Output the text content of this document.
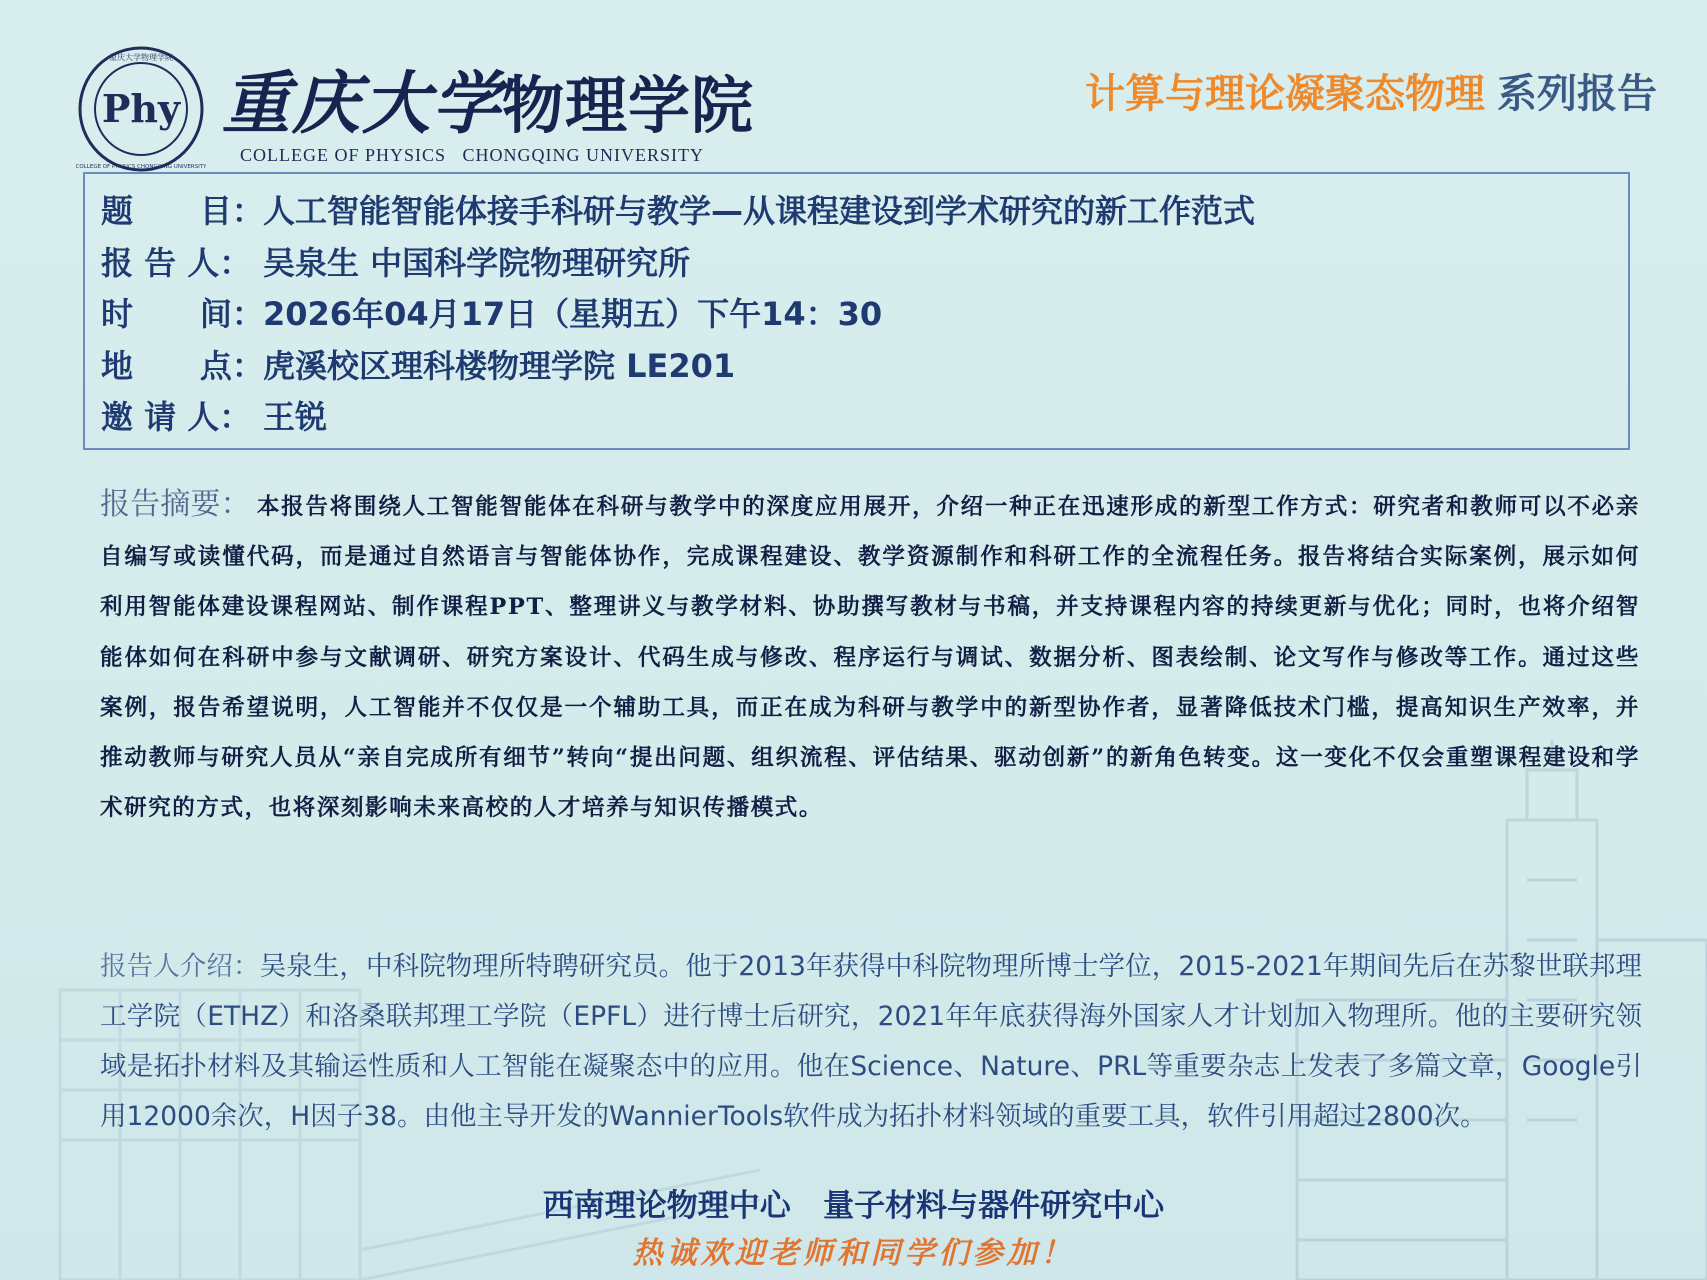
Phy
重庆大学物理学院
COLLEGE OF PHYSICS CHONGQING UNIVERSITY
重庆大学 物理学院
COLLEGE OF PHYSICS   CHONGQING UNIVERSITY
计算与理论凝聚态物理 系列报告
题      目： 人工智能智能体接手科研与教学—从课程建设到学术研究的新工作范式
报 告 人： 吴泉生 中国科学院物理研究所
时      间： 2026年04月17日（星期五）下午14：30
地      点： 虎溪校区理科楼物理学院 LE201
邀 请 人： 王锐
报告摘要： 本报告将围绕人工智能智能体在科研与教学中的深度应用展开，介绍一种正在迅速形成的新型工作方式：研究者和教师可以不必亲自编写或读懂代码，而是通过自然语言与智能体协作，完成课程建设、教学资源制作和科研工作的全流程任务。报告将结合实际案例，展示如何利用智能体建设课程网站、制作课程PPT、整理讲义与教学材料、协助撰写教材与书稿，并支持课程内容的持续更新与优化；同时，也将介绍智能体如何在科研中参与文献调研、研究方案设计、代码生成与修改、程序运行与调试、数据分析、图表绘制、论文写作与修改等工作。通过这些案例，报告希望说明，人工智能并不仅仅是一个辅助工具，而正在成为科研与教学中的新型协作者，显著降低技术门槛，提高知识生产效率，并推动教师与研究人员从“亲自完成所有细节”转向“提出问题、组织流程、评估结果、驱动创新”的新角色转变。这一变化不仅会重塑课程建设和学术研究的方式，也将深刻影响未来高校的人才培养与知识传播模式。
报告人介绍：吴泉生，中科院物理所特聘研究员。他于2013年获得中科院物理所博士学位，2015-2021年期间先后在苏黎世联邦理工学院（ETHZ）和洛桑联邦理工学院（EPFL）进行博士后研究，2021年年底获得海外国家人才计划加入物理所。他的主要研究领域是拓扑材料及其输运性质和人工智能在凝聚态中的应用。他在Science、Nature、PRL等重要杂志上发表了多篇文章，Google引用12000余次，H因子38。由他主导开发的WannierTools软件成为拓扑材料领域的重要工具，软件引用超过2800次。
西南理论物理中心   量子材料与器件研究中心
热诚欢迎老师和同学们参加！
